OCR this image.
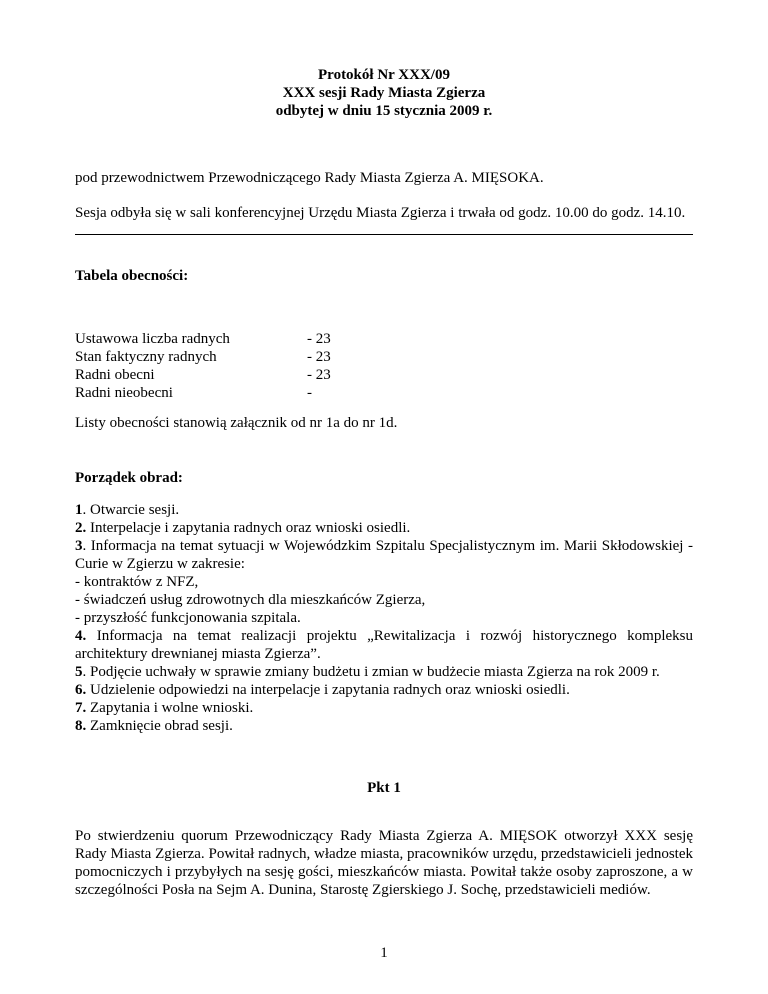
Protokół Nr XXX/09
XXX sesji Rady Miasta Zgierza
odbytej w dniu 15 stycznia 2009 r.

pod przewodnictwem Przewodniczącego Rady Miasta Zgierza A. MIĘSOKA.

Sesja odbyła się w sali konferencyjnej Urzędu Miasta Zgierza i trwała od godz. 10.00 do godz. 14.10.

Tabela obecności:

Ustawowa liczba radnych	- 23
Stan faktyczny radnych	- 23
Radni obecni	- 23
Radni nieobecni	-

Listy obecności stanowią załącznik od nr 1a do nr 1d.

Porządek obrad:

1. Otwarcie sesji.
2. Interpelacje i zapytania radnych oraz wnioski osiedli.
3. Informacja na temat sytuacji w Wojewódzkim Szpitalu Specjalistycznym im. Marii Skłodowskiej - Curie w Zgierzu w zakresie:
- kontraktów z NFZ,
- świadczeń usług zdrowotnych dla mieszkańców Zgierza,
- przyszłość funkcjonowania szpitala.
4. Informacja na temat realizacji projektu „Rewitalizacja i rozwój historycznego kompleksu architektury drewnianej miasta Zgierza”.
5. Podjęcie uchwały w sprawie zmiany budżetu i zmian w budżecie miasta Zgierza na rok 2009 r.
6. Udzielenie odpowiedzi na interpelacje i zapytania radnych oraz wnioski osiedli.
7. Zapytania i wolne wnioski.
8. Zamknięcie obrad sesji.
Pkt 1

Po stwierdzeniu quorum Przewodniczący Rady Miasta Zgierza A. MIĘSOK otworzył XXX sesję Rady Miasta Zgierza. Powitał radnych, władze miasta, pracowników urzędu, przedstawicieli jednostek pomocniczych i przybyłych na sesję gości, mieszkańców miasta. Powitał także osoby zaproszone, a w szczególności Posła na Sejm A. Dunina, Starostę Zgierskiego J. Sochę, przedstawicieli mediów.

1
